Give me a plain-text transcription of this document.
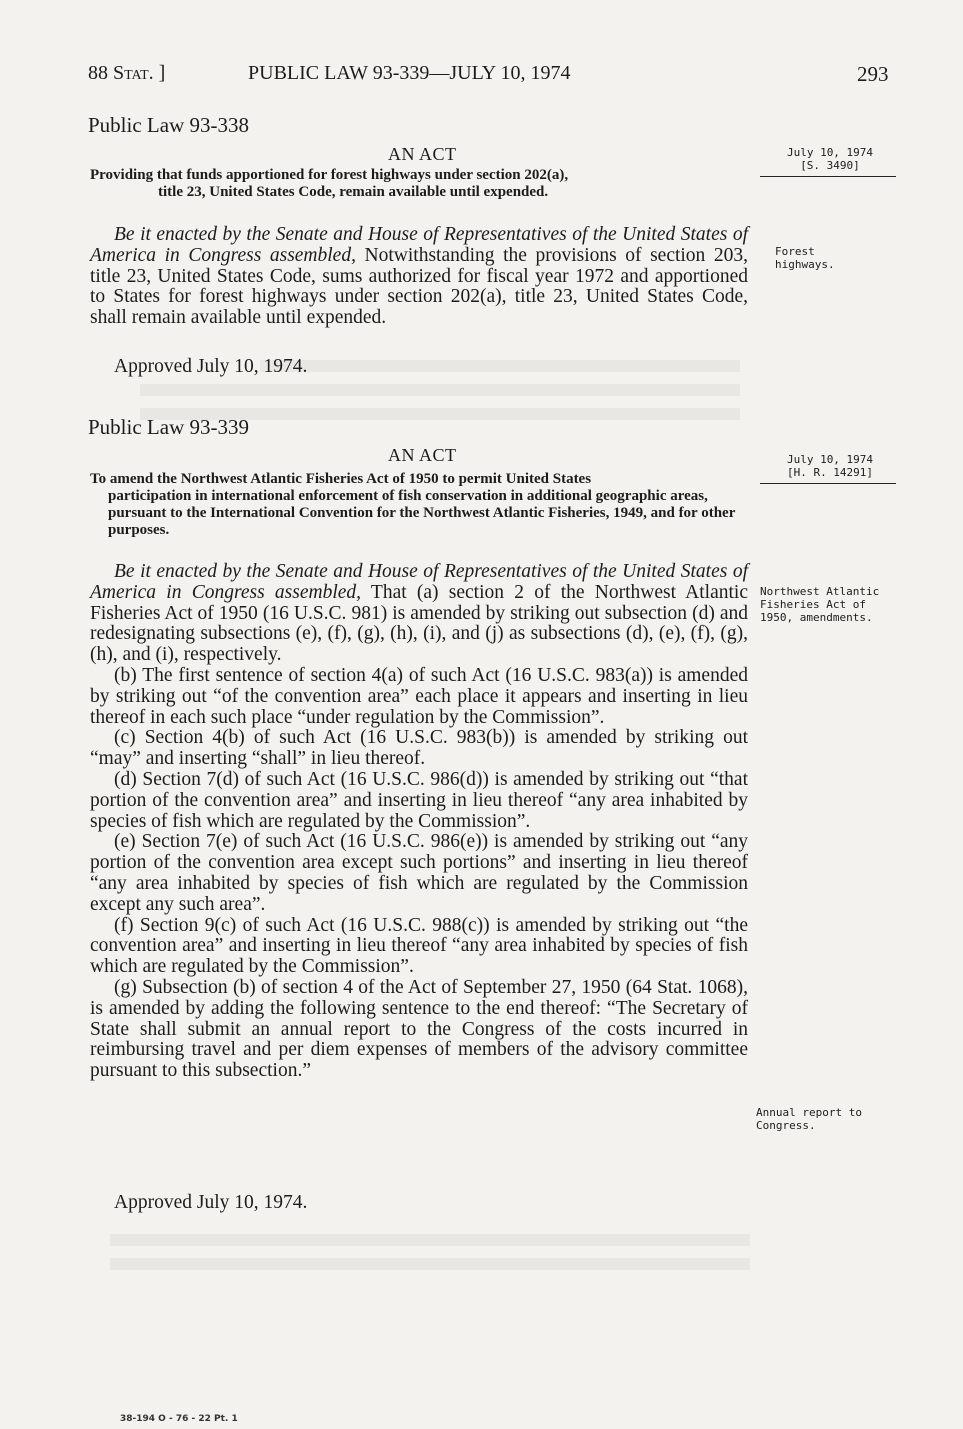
88 Stat. ]	PUBLIC LAW 93-339—JULY 10, 1974	293
Public Law 93-338
AN ACT

Providing that funds apportioned for forest highways under section 202(a),
title 23, United States Code, remain available until expended.

July 10, 1974
[S. 3490]

Be it enacted by the Senate and House of Representatives of the United States of America in Congress assembled, Notwithstanding the provisions of section 203, title 23, United States Code, sums authorized for fiscal year 1972 and apportioned to States for forest highways under section 202(a), title 23, United States Code, shall remain available until expended.

Forest highways.
Approved July 10, 1974.
Public Law 93-339
AN ACT

To amend the Northwest Atlantic Fisheries Act of 1950 to permit United States
participation in international enforcement of fish conservation in additional geographic areas, pursuant to the International Convention for the Northwest Atlantic Fisheries, 1949, and for other purposes.

July 10, 1974
[H. R. 14291]

Be it enacted by the Senate and House of Representatives of the United States of America in Congress assembled, That (a) section 2 of the Northwest Atlantic Fisheries Act of 1950 (16 U.S.C. 981) is amended by striking out subsection (d) and redesignating subsections (e), (f), (g), (h), (i), and (j) as subsections (d), (e), (f), (g), (h), and (i), respectively.

(b) The first sentence of section 4(a) of such Act (16 U.S.C. 983(a)) is amended by striking out “of the convention area” each place it appears and inserting in lieu thereof in each such place “under regulation by the Commission”.

(c) Section 4(b) of such Act (16 U.S.C. 983(b)) is amended by striking out “may” and inserting “shall” in lieu thereof.

(d) Section 7(d) of such Act (16 U.S.C. 986(d)) is amended by striking out “that portion of the convention area” and inserting in lieu thereof “any area inhabited by species of fish which are regulated by the Commission”.

(e) Section 7(e) of such Act (16 U.S.C. 986(e)) is amended by striking out “any portion of the convention area except such portions” and inserting in lieu thereof “any area inhabited by species of fish which are regulated by the Commission except any such area”.

(f) Section 9(c) of such Act (16 U.S.C. 988(c)) is amended by striking out “the convention area” and inserting in lieu thereof “any area inhabited by species of fish which are regulated by the Commission”.

(g) Subsection (b) of section 4 of the Act of September 27, 1950 (64 Stat. 1068), is amended by adding the following sentence to the end thereof: “The Secretary of State shall submit an annual report to the Congress of the costs incurred in reimbursing travel and per diem expenses of members of the advisory committee pursuant to this subsection.”

Northwest Atlantic Fisheries Act of 1950, amendments.
Annual report to Congress.
Approved July 10, 1974.
38-194 O - 76 - 22 Pt. 1
